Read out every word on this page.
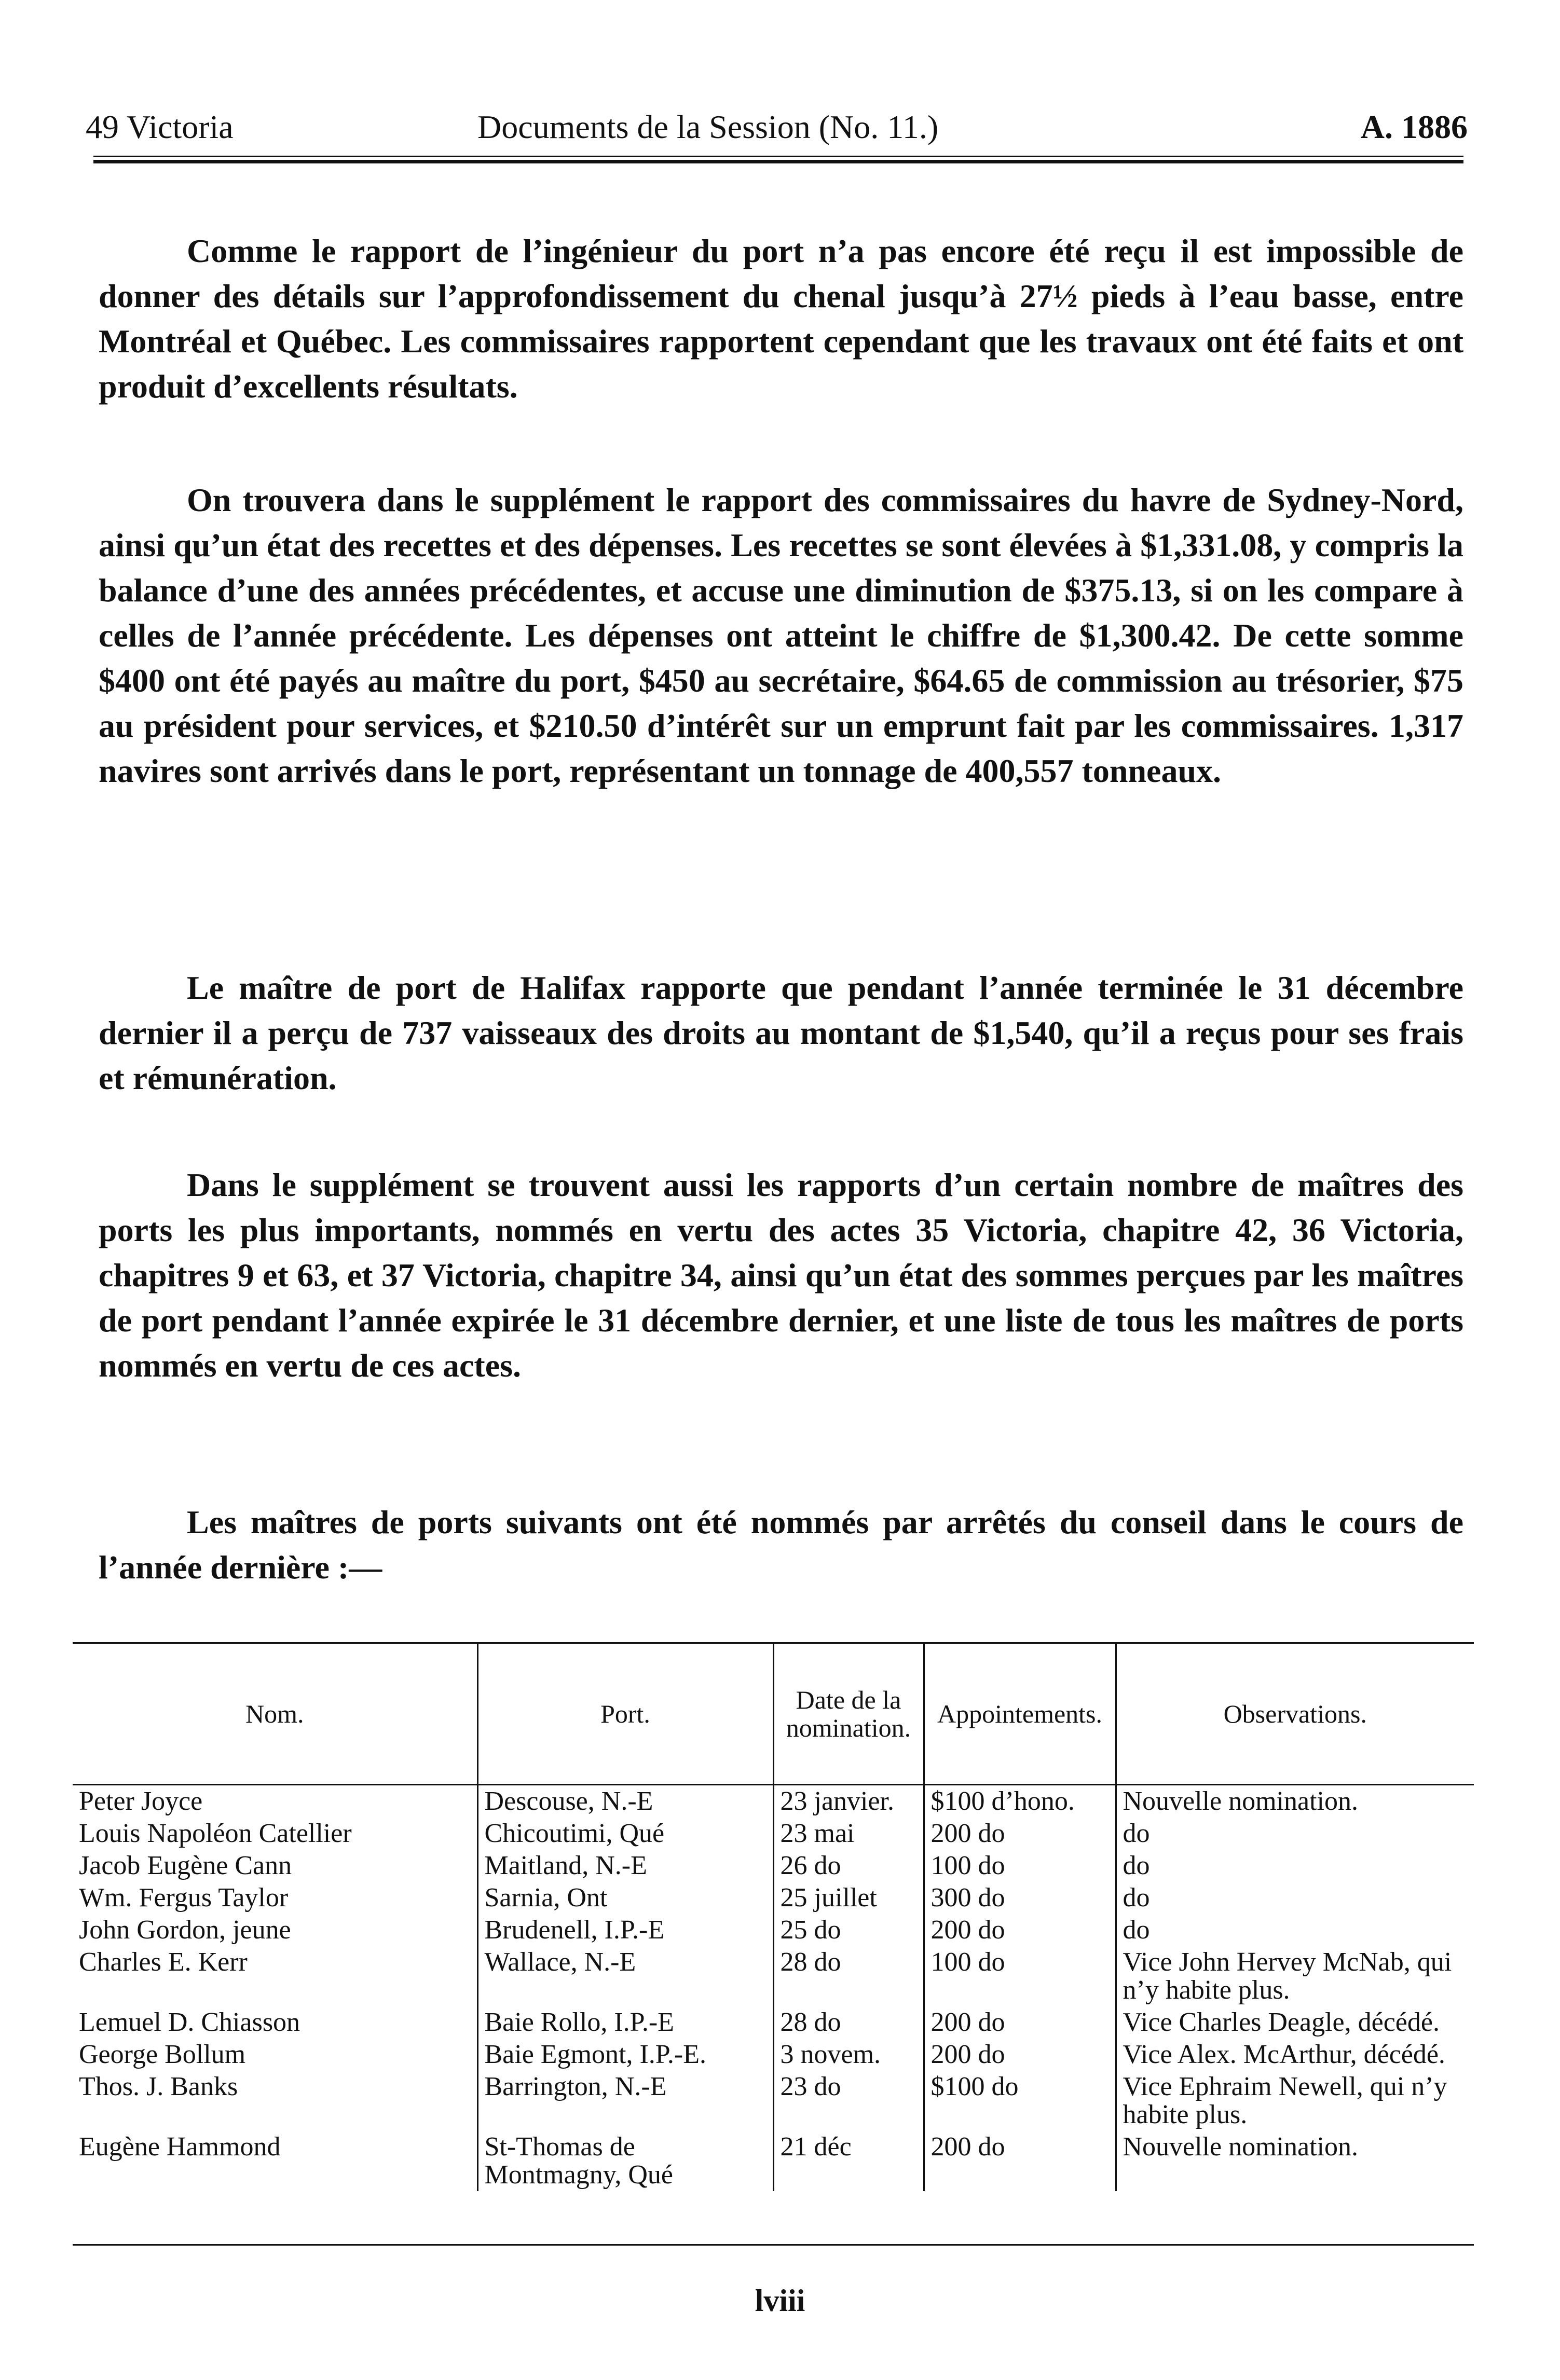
49 Victoria	Documents de la Session (No. 11.)	A. 1886

Comme le rapport de l’ingénieur du port n’a pas encore été reçu il est impossible de donner des détails sur l’approfondissement du chenal jusqu’à 27½ pieds à l’eau basse, entre Montréal et Québec. Les commissaires rapportent cependant que les travaux ont été faits et ont produit d’excellents résultats.

On trouvera dans le supplément le rapport des commissaires du havre de Sydney-Nord, ainsi qu’un état des recettes et des dépenses. Les recettes se sont élevées à $1,331.08, y compris la balance d’une des années précédentes, et accuse une diminution de $375.13, si on les compare à celles de l’année précédente. Les dépenses ont atteint le chiffre de $1,300.42. De cette somme $400 ont été payés au maître du port, $450 au secrétaire, $64.65 de commission au trésorier, $75 au président pour services, et $210.50 d’intérêt sur un emprunt fait par les commissaires. 1,317 navires sont arrivés dans le port, représentant un tonnage de 400,557 tonneaux.

Le maître de port de Halifax rapporte que pendant l’année terminée le 31 décembre dernier il a perçu de 737 vaisseaux des droits au montant de $1,540, qu’il a reçus pour ses frais et rémunération.

Dans le supplément se trouvent aussi les rapports d’un certain nombre de maîtres des ports les plus importants, nommés en vertu des actes 35 Victoria, chapitre 42, 36 Victoria, chapitres 9 et 63, et 37 Victoria, chapitre 34, ainsi qu’un état des sommes perçues par les maîtres de port pendant l’année expirée le 31 décembre dernier, et une liste de tous les maîtres de ports nommés en vertu de ces actes.

Les maîtres de ports suivants ont été nommés par arrêtés du conseil dans le cours de l’année dernière :—

Nom.	Port.	Date de la nomination.	Appointements.	Observations.
Peter Joyce	Descousе, N.-E	23 janvier.	$100 d’hono.	Nouvelle nomination.
Louis Napoléon Catellier	Chicoutimi, Qué	23 mai	200 do	do
Jacob Eugène Cann	Maitland, N.-E	26 do	100 do	do
Wm. Fergus Taylor	Sarnia, Ont	25 juillet	300 do	do
John Gordon, jeune	Brudenell, I.P.-E	25 do	200 do	do
Charles E. Kerr	Wallace, N.-E	28 do	100 do	Vice John Hervey McNab, qui n’y habite plus.
Lemuel D. Chiasson	Baie Rollo, I.P.-E	28 do	200 do	Vice Charles Deagle, décédé.
George Bollum	Baie Egmont, I.P.-E.	3 novem.	200 do	Vice Alex. McArthur, décédé.
Thos. J. Banks	Barrington, N.-E	23 do	$100 do	Vice Ephraim Newell, qui n’y habite plus.
Eugène Hammond	St-Thomas de Montmagny, Qué	21 déc	200 do	Nouvelle nomination.
lviii
